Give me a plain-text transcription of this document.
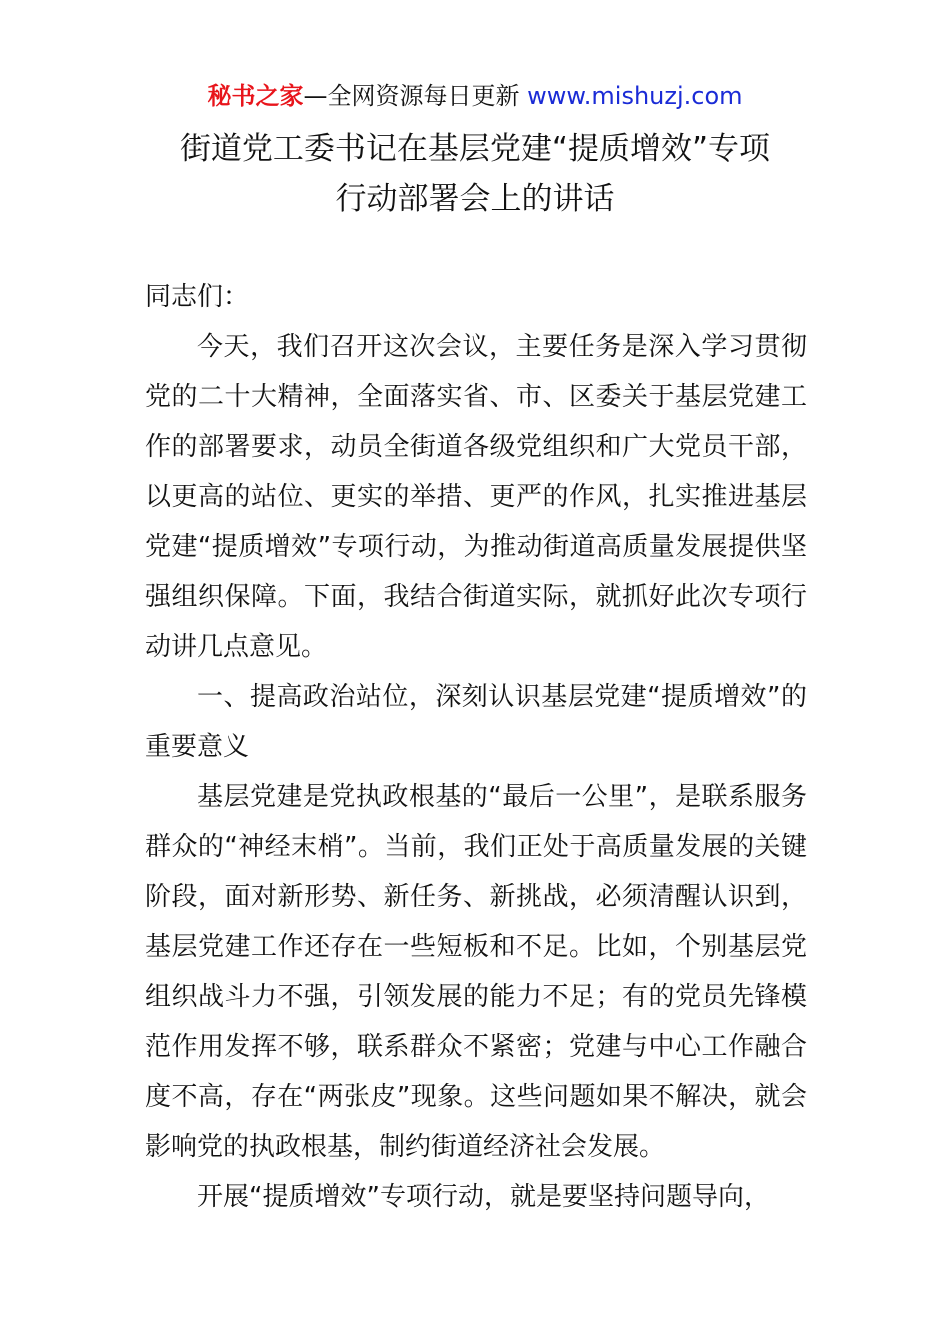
秘书之家—全网资源每日更新 www.mishuzj.com
街道党工委书记在基层党建“提质增效”专项
行动部署会上的讲话

同志们：

今天，我们召开这次会议，主要任务是深入学习贯彻党的二十大精神，全面落实省、市、区委关于基层党建工作的部署要求，动员全街道各级党组织和广大党员干部，以更高的站位、更实的举措、更严的作风，扎实推进基层党建“提质增效”专项行动，为推动街道高质量发展提供坚强组织保障。下面，我结合街道实际，就抓好此次专项行动讲几点意见。

一、提高政治站位，深刻认识基层党建“提质增效”的重要意义

基层党建是党执政根基的“最后一公里”，是联系服务群众的“神经末梢”。当前，我们正处于高质量发展的关键阶段，面对新形势、新任务、新挑战，必须清醒认识到，基层党建工作还存在一些短板和不足。比如，个别基层党组织战斗力不强，引领发展的能力不足；有的党员先锋模范作用发挥不够，联系群众不紧密；党建与中心工作融合度不高，存在“两张皮”现象。这些问题如果不解决，就会影响党的执政根基，制约街道经济社会发展。

开展“提质增效”专项行动，就是要坚持问题导向，
